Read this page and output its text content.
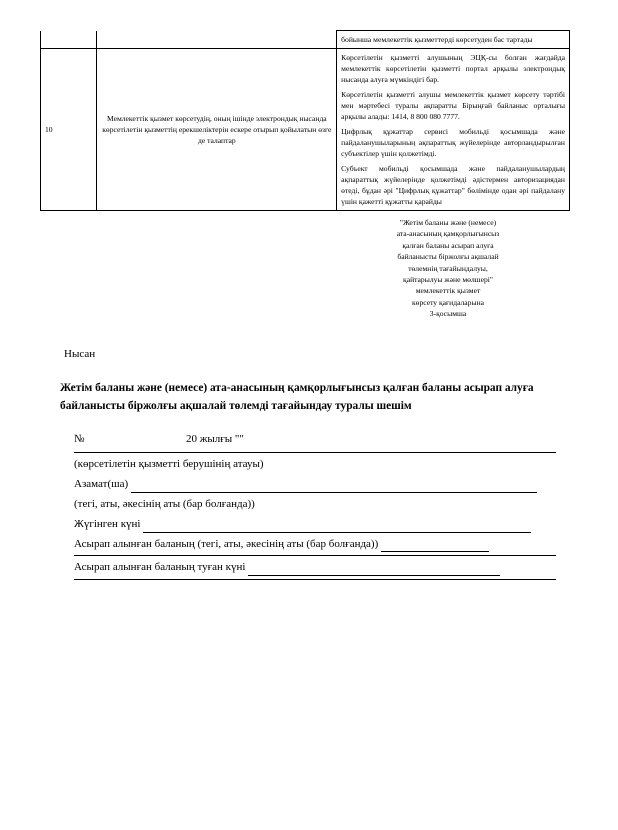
		бойынша мемлекеттік қызметтерді көрсетуден бас тартады
10	Мемлекеттік қызмет көрсетудің, оның ішінде электрондық нысанда көрсетілетін қызметтің ерекшеліктерін ескере отырып қойылатын өзге де талаптар	Көрсетілетін қызметті алушының ЭЦҚ-сы болған жағдайда мемлекеттік көрсетілетін қызметті портал арқылы электрондық нысанда алуға мүмкіндігі бар.

Көрсетілетін қызметті алушы мемлекеттік қызмет көрсету тәртібі мен мәртебесі туралы ақпаратты Бірыңғай байланыс орталығы арқылы алады: 1414, 8 800 080 7777.

Цифрлық құжаттар сервисі мобильді қосымшада және пайдаланушыларының ақпараттық жүйелерінде авторландырылған субъектілер үшін қолжетімді.

Субъект мобильді қосымшада және пайдаланушылардың ақпараттық жүйелерінде қолжетімді әдістермен авторизациядан өтеді, бұдан әрі "Цифрлық құжаттар" бөлімінде одан әрі пайдалану үшін қажетті құжатты қарайды

"Жетім баланы және (немесе)
ата-анасының қамқорлығынсыз
қалған баланы асырап алуға
байланысты біржолғы ақшалай
төлемнің тағайындалуы,
қайтарылуы және мөлшері"
мемлекеттік қызмет
көрсету қағидаларына
3-қосымша
Нысан
Жетім баланы және (немесе) ата-анасының қамқорлығынсыз қалған баланы асырап алуға байланысты біржолғы ақшалай төлемді тағайындау туралы шешім
№	20 жылғы ""
(көрсетілетін қызметті берушінің атауы)
Азамат(ша)
(тегі, аты, әкесінің аты (бар болғанда))
Жүгінген күні
Асырап алынған баланың (тегі, аты, әкесінің аты (бар болғанда))
Асырап алынған баланың туған күні
